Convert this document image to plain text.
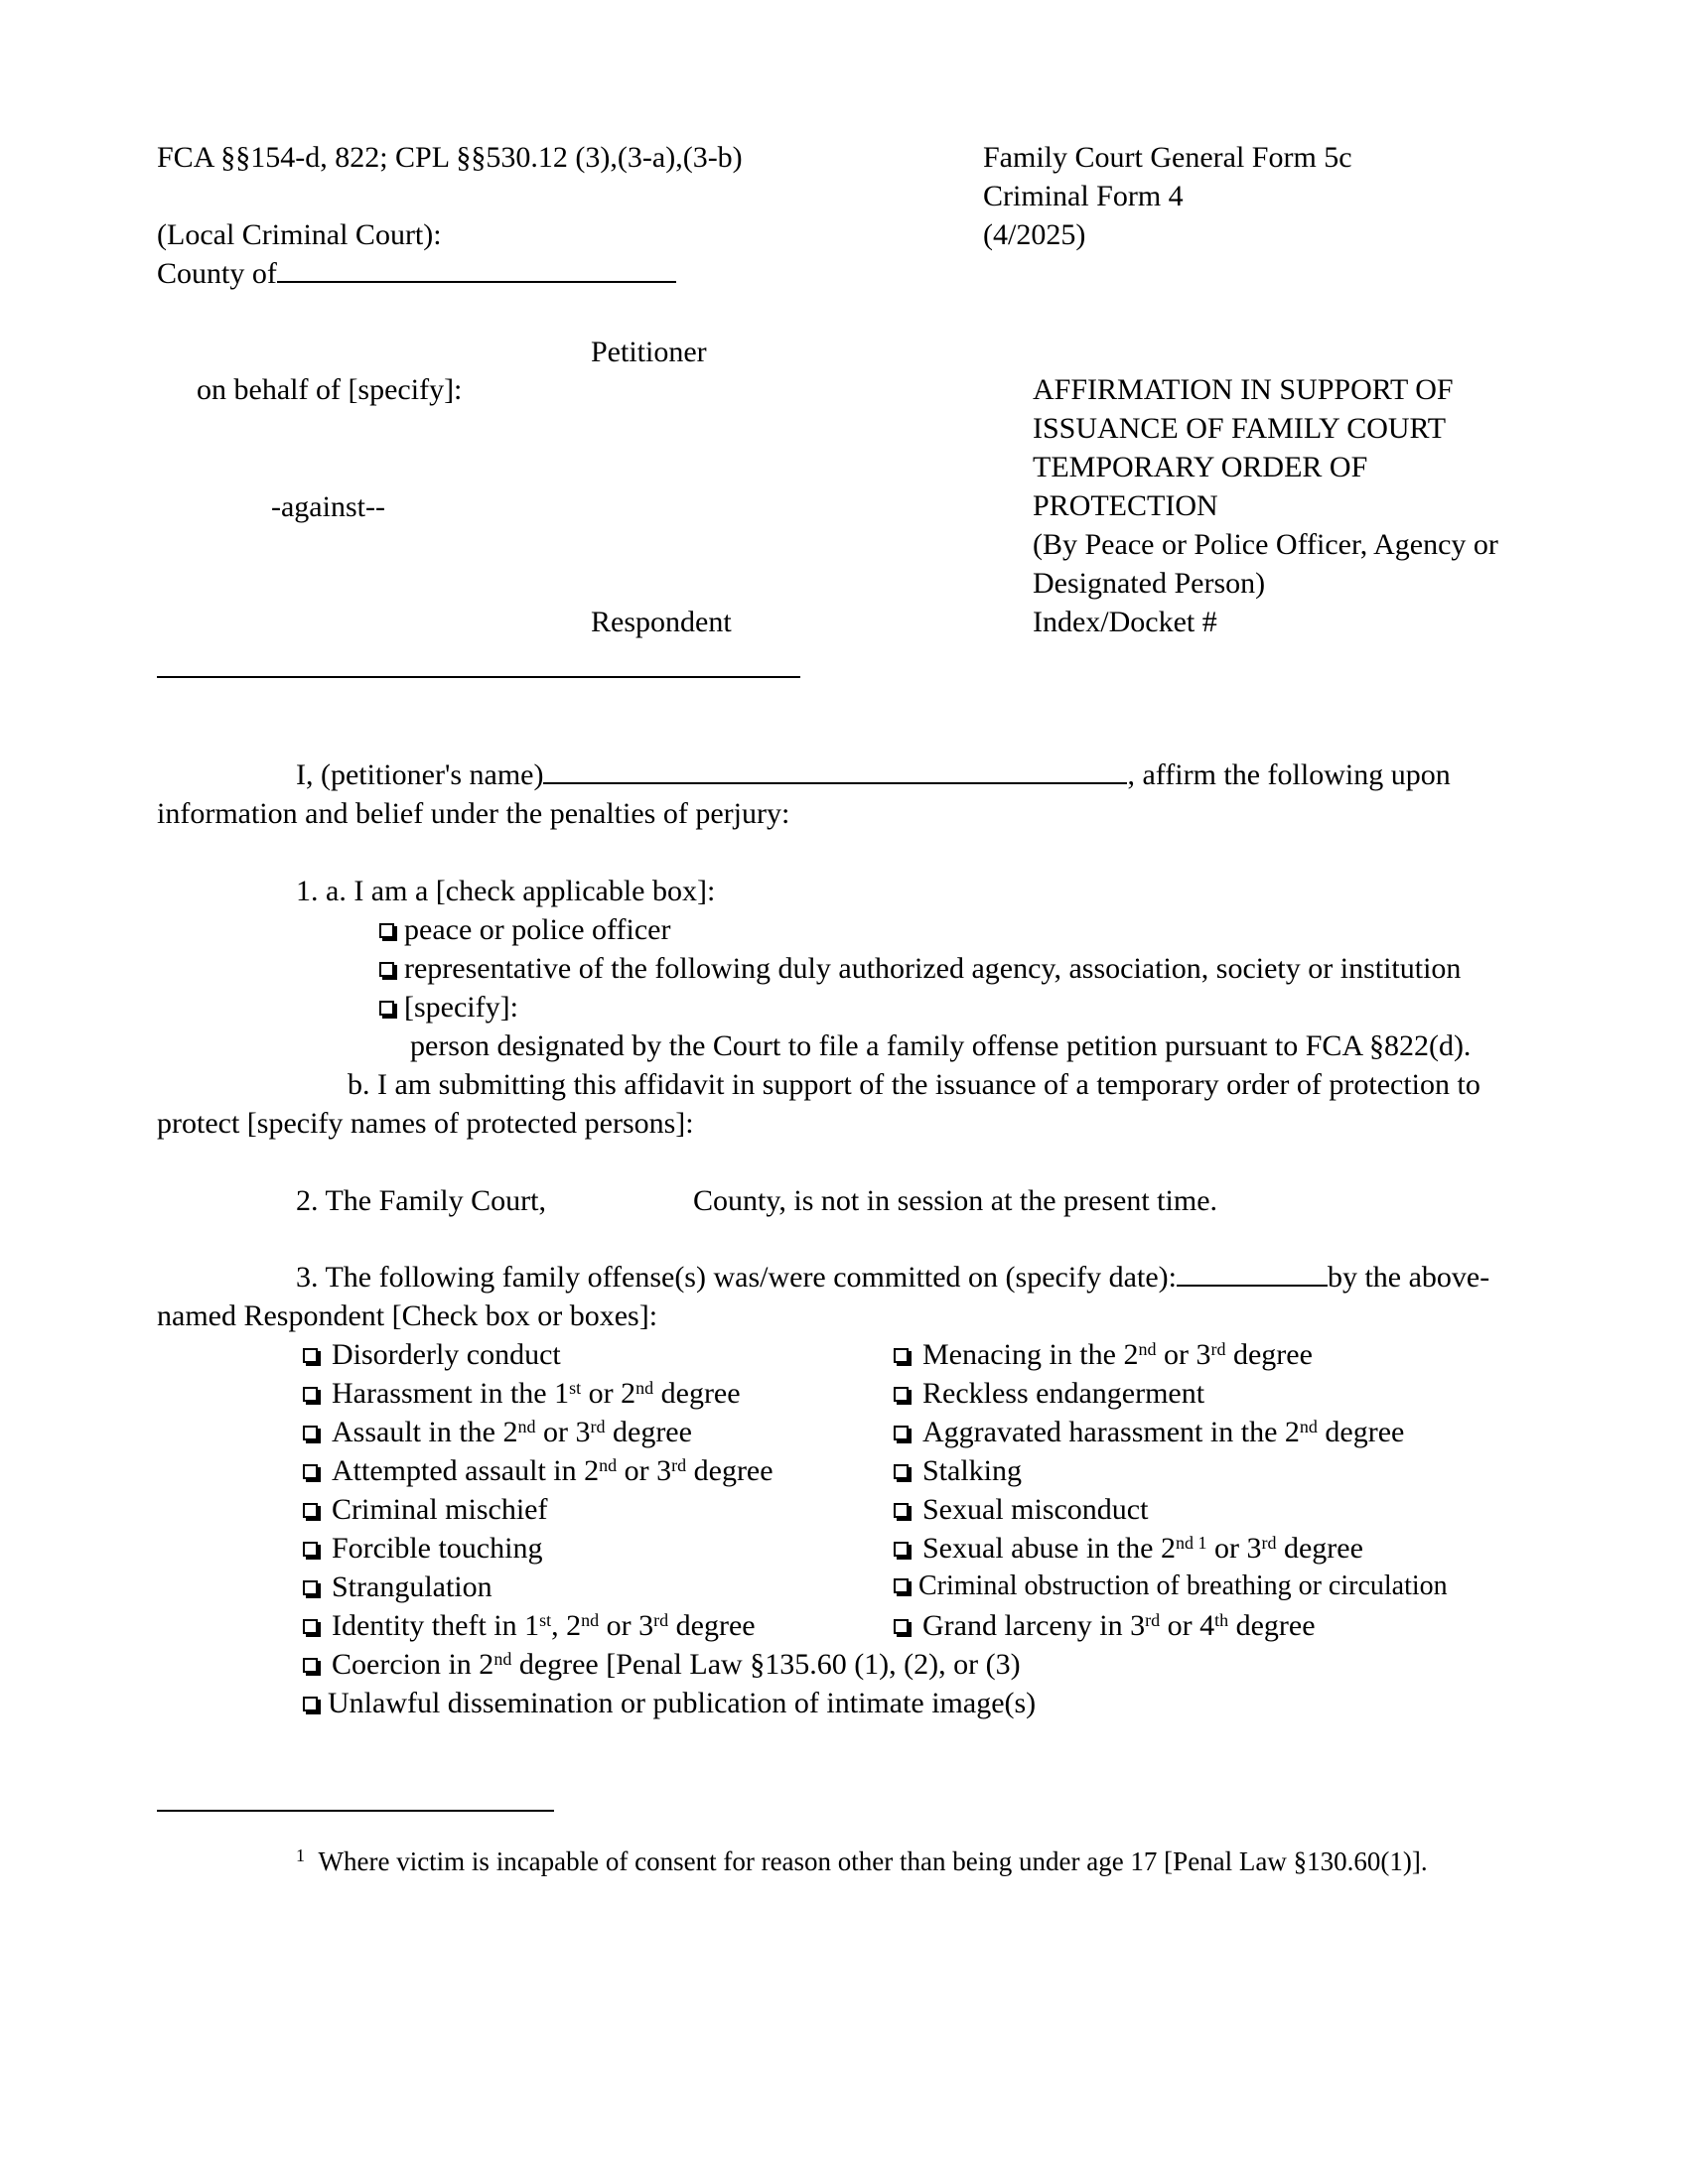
FCA §§154-d, 822; CPL §§530.12 (3),(3-a),(3-b)	Family Court General Form 5c
Criminal Form 4
(4/2025)
(Local Criminal Court):
County of
Petitioner
on behalf of [specify]:
-against--
Respondent
AFFIRMATION IN SUPPORT OF
ISSUANCE OF FAMILY COURT
TEMPORARY ORDER OF
PROTECTION
(By Peace or Police Officer, Agency or
Designated Person)
Index/Docket #
I, (petitioner's name)	, affirm the following upon
information and belief under the penalties of perjury:
1. a. I am a [check applicable box]:
peace or police officer
representative of the following duly authorized agency, association, society or institution
[specify]:
person designated by the Court to file a family offense petition pursuant to FCA §822(d).
b. I am submitting this affidavit in support of the issuance of a temporary order of protection to
protect [specify names of protected persons]:
2. The Family Court,	County, is not in session at the present time.
3. The following family offense(s) was/were committed on (specify date):	by the above-
named Respondent [Check box or boxes]:
Disorderly conduct
Harassment in the 1st or 2nd degree
Assault in the 2nd or 3rd degree
Attempted assault in 2nd or 3rd degree
Criminal mischief
Forcible touching
Strangulation
Identity theft in 1st, 2nd or 3rd degree
Coercion in 2nd degree [Penal Law §135.60 (1), (2), or (3)
Unlawful dissemination or publication of intimate image(s)
Menacing in the 2nd or 3rd degree
Reckless endangerment
Aggravated harassment in the 2nd degree
Stalking
Sexual misconduct
Sexual abuse in the 2nd $^1$ or 3rd degree
Criminal obstruction of breathing or circulation
Grand larceny in 3rd or 4th degree
$^1$ Where victim is incapable of consent for reason other than being under age 17 [Penal Law §130.60(1)].
